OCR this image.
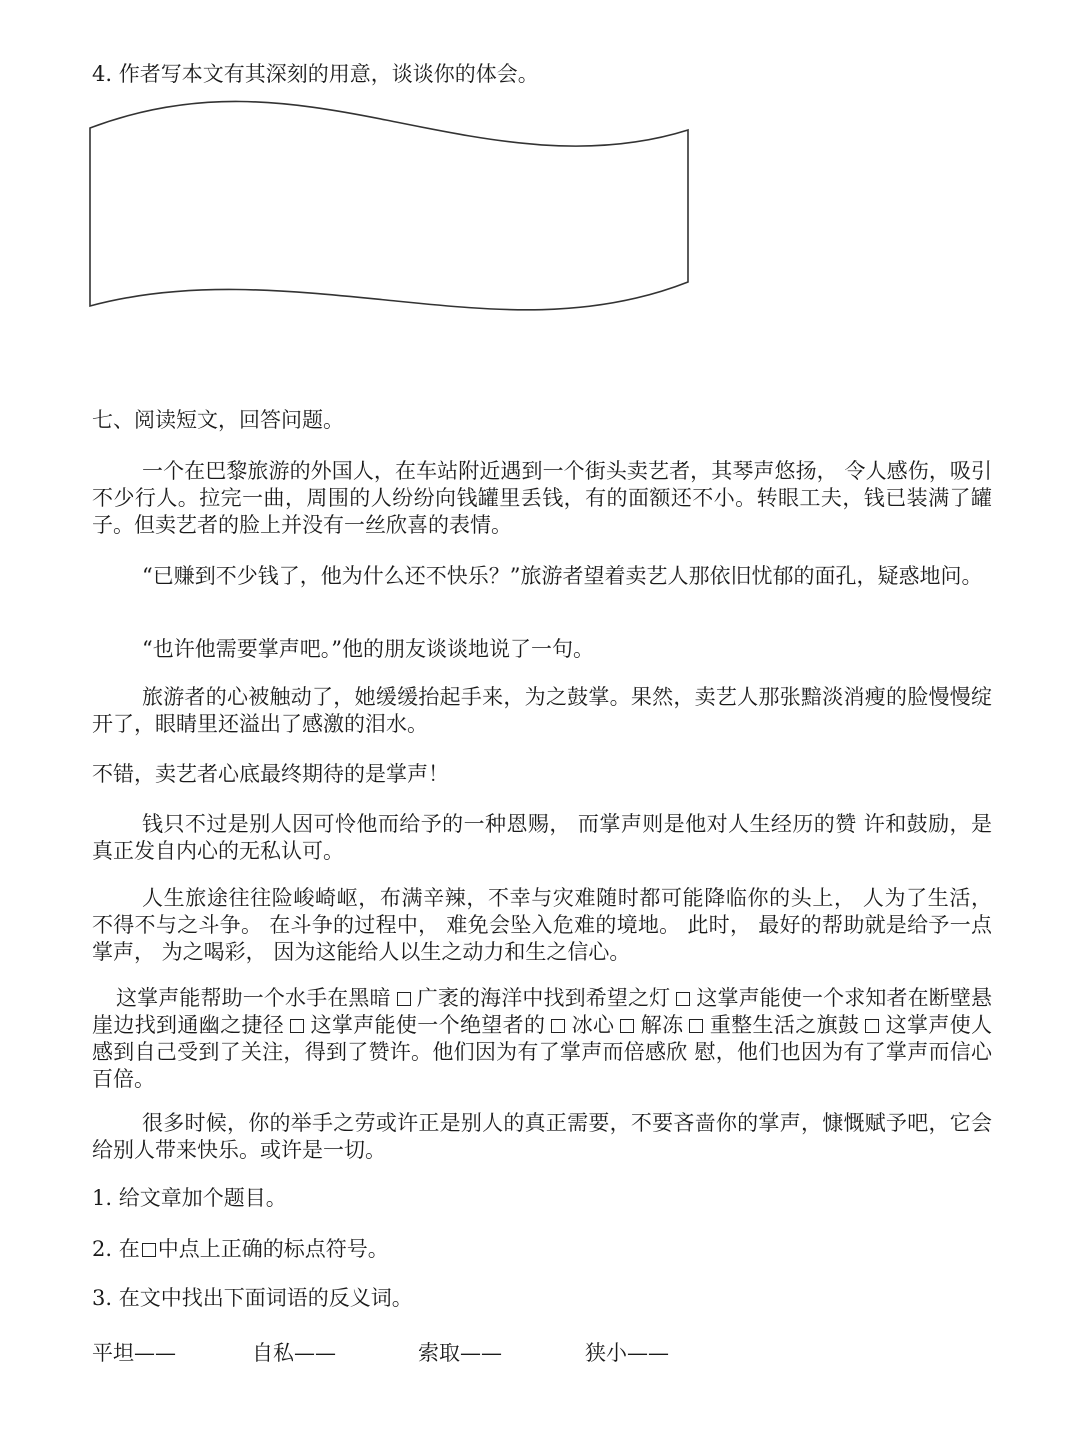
4. 作者写本文有其深刻的用意，谈谈你的体会。
七、阅读短文，回答问题。
一个在巴黎旅游的外国人，在车站附近遇到一个街头卖艺者，其琴声悠扬， 令人感伤，吸引不少行人。拉完一曲，周围的人纷纷向钱罐里丢钱，有的面额还不小。转眼工夫，钱已装满了罐子。但卖艺者的脸上并没有一丝欣喜的表情。
“已赚到不少钱了，他为什么还不快乐？”旅游者望着卖艺人那依旧忧郁的面孔，疑惑地问。
“也许他需要掌声吧。”他的朋友谈谈地说了一句。
旅游者的心被触动了，她缓缓抬起手来，为之鼓掌。果然，卖艺人那张黯淡消瘦的脸慢慢绽开了，眼睛里还溢出了感激的泪水。
不错，卖艺者心底最终期待的是掌声！
钱只不过是别人因可怜他而给予的一种恩赐， 而掌声则是他对人生经历的赞 许和鼓励，是真正发自内心的无私认可。
人生旅途往往险峻崎岖，布满辛辣，不幸与灾难随时都可能降临你的头上， 人为了生活， 不得不与之斗争。 在斗争的过程中， 难免会坠入危难的境地。 此时， 最好的帮助就是给予一点掌声， 为之喝彩， 因为这能给人以生之动力和生之信心。
这掌声能帮助一个水手在黑暗 广袤的海洋中找到希望之灯 这掌声能使一个求知者在断壁悬崖边找到通幽之捷径 这掌声能使一个绝望者的 冰心 解冻 重整生活之旗鼓 这掌声使人感到自己受到了关注，得到了赞许。他们因为有了掌声而倍感欣 慰，他们也因为有了掌声而信心百倍。
很多时候，你的举手之劳或许正是别人的真正需要，不要吝啬你的掌声，慷慨赋予吧，它会给别人带来快乐。或许是一切。
1. 给文章加个题目。
2. 在 中点上正确的标点符号。
3. 在文中找出下面词语的反义词。
平坦——	自私——	索取——	狭小——
